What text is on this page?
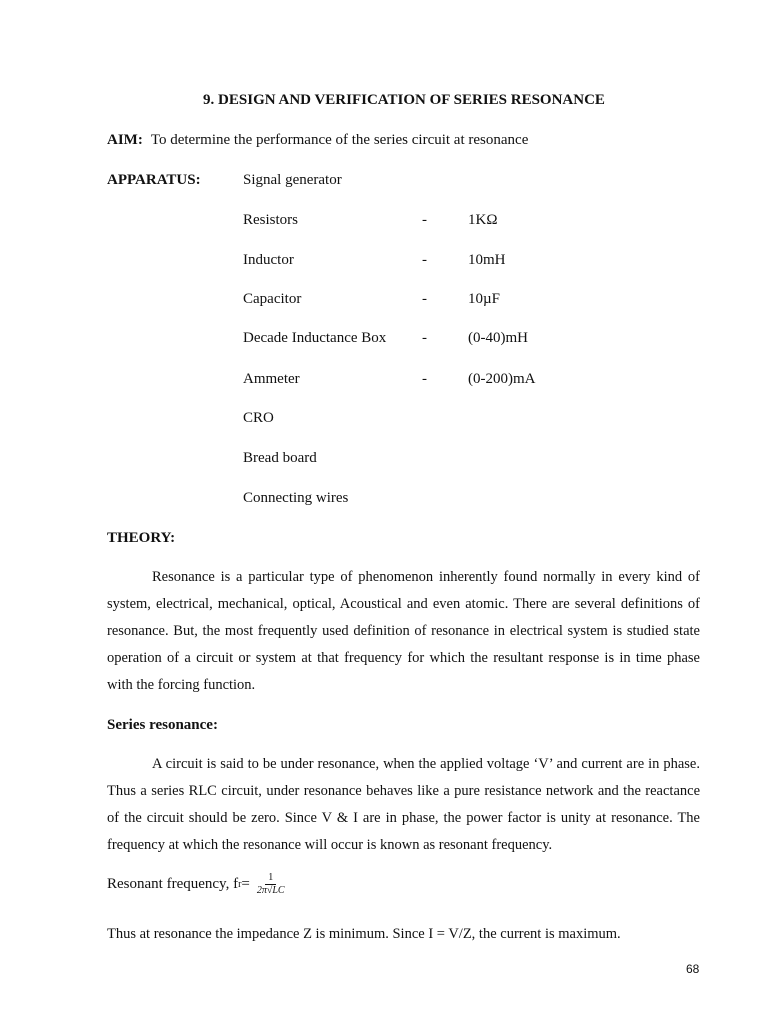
9. DESIGN AND VERIFICATION OF SERIES RESONANCE
AIM: To determine the performance of the series circuit at resonance
APPARATUS:	Signal generator
Resistors	-	1KΩ
Inductor	-	10mH
Capacitor	-	10µF
Decade Inductance Box -	(0-40)mH
Ammeter	-	(0-200)mA
CRO
Bread board
Connecting wires
THEORY:
Resonance is a particular type of phenomenon inherently found normally in every kind of system, electrical, mechanical, optical, Acoustical and even atomic. There are several definitions of resonance. But, the most frequently used definition of resonance in electrical system is studied state operation of a circuit or system at that frequency for which the resultant response is in time phase with the forcing function.
Series resonance:
A circuit is said to be under resonance, when the applied voltage ‘V’ and current are in phase. Thus a series RLC circuit, under resonance behaves like a pure resistance network and the reactance of the circuit should be zero. Since V & I are in phase, the power factor is unity at resonance. The frequency at which the resonance will occur is known as resonant frequency.
Resonant frequency, f $r = \frac{1}{2\pi√LC}$
Thus at resonance the impedance Z is minimum. Since I = V/Z, the current is maximum.
68
